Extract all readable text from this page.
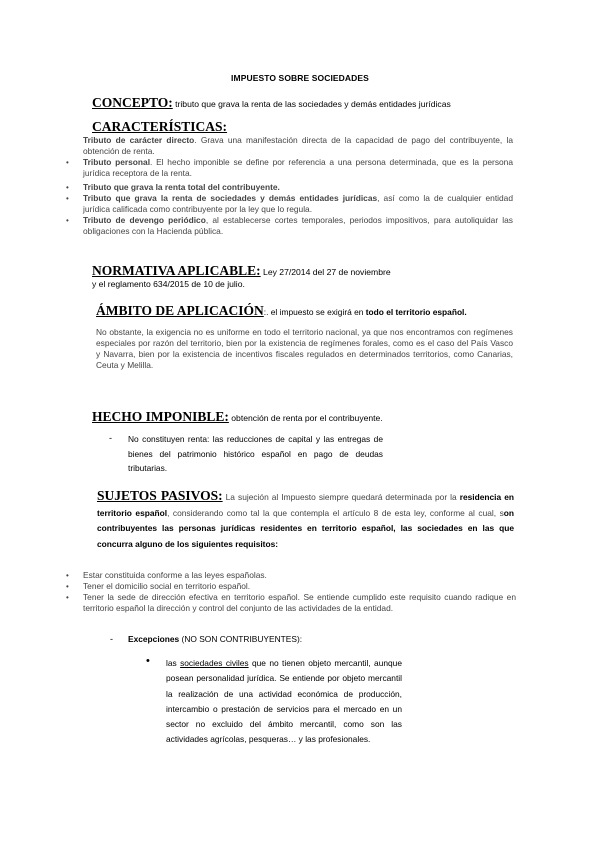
IMPUESTO SOBRE SOCIEDADES
CONCEPTO: tributo que grava la renta de las sociedades y demás entidades jurídicas
CARACTERÍSTICAS:
Tributo de carácter directo. Grava una manifestación directa de la capacidad de pago del contribuyente, la obtención de renta.
• Tributo personal. El hecho imponible se define por referencia a una persona determinada, que es la persona jurídica receptora de la renta.
• Tributo que grava la renta total del contribuyente.
• Tributo que grava la renta de sociedades y demás entidades jurídicas, así como la de cualquier entidad jurídica calificada como contribuyente por la ley que lo regula.
• Tributo de devengo periódico, al establecerse cortes temporales, periodos impositivos, para autoliquidar las obligaciones con la Hacienda pública.
NORMATIVA APLICABLE: Ley 27/2014 del 27 de noviembre
y el reglamento 634/2015 de 10 de julio.
ÁMBITO DE APLICACIÓN:. el impuesto se exigirá en todo el territorio español.
No obstante, la exigencia no es uniforme en todo el territorio nacional, ya que nos encontramos con regímenes especiales por razón del territorio, bien por la existencia de regímenes forales, como es el caso del País Vasco y Navarra, bien por la existencia de incentivos fiscales regulados en determinados territorios, como Canarias, Ceuta y Melilla.
HECHO IMPONIBLE: obtención de renta por el contribuyente.
- No constituyen renta: las reducciones de capital y las entregas de bienes del patrimonio histórico español en pago de deudas tributarias.
SUJETOS PASIVOS: La sujeción al Impuesto siempre quedará determinada por la residencia en territorio español, considerando como tal la que contempla el artículo 8 de esta ley, conforme al cual, son contribuyentes las personas jurídicas residentes en territorio español, las sociedades en las que concurra alguno de los siguientes requisitos:
• Estar constituida conforme a las leyes españolas.
• Tener el domicilio social en territorio español.
• Tener la sede de dirección efectiva en territorio español. Se entiende cumplido este requisito cuando radique en territorio español la dirección y control del conjunto de las actividades de la entidad.
- Excepciones (NO SON CONTRIBUYENTES):
• las sociedades civiles que no tienen objeto mercantil, aunque posean personalidad jurídica. Se entiende por objeto mercantil la realización de una actividad económica de producción, intercambio o prestación de servicios para el mercado en un sector no excluido del ámbito mercantil, como son las actividades agrícolas, pesqueras… y las profesionales.
